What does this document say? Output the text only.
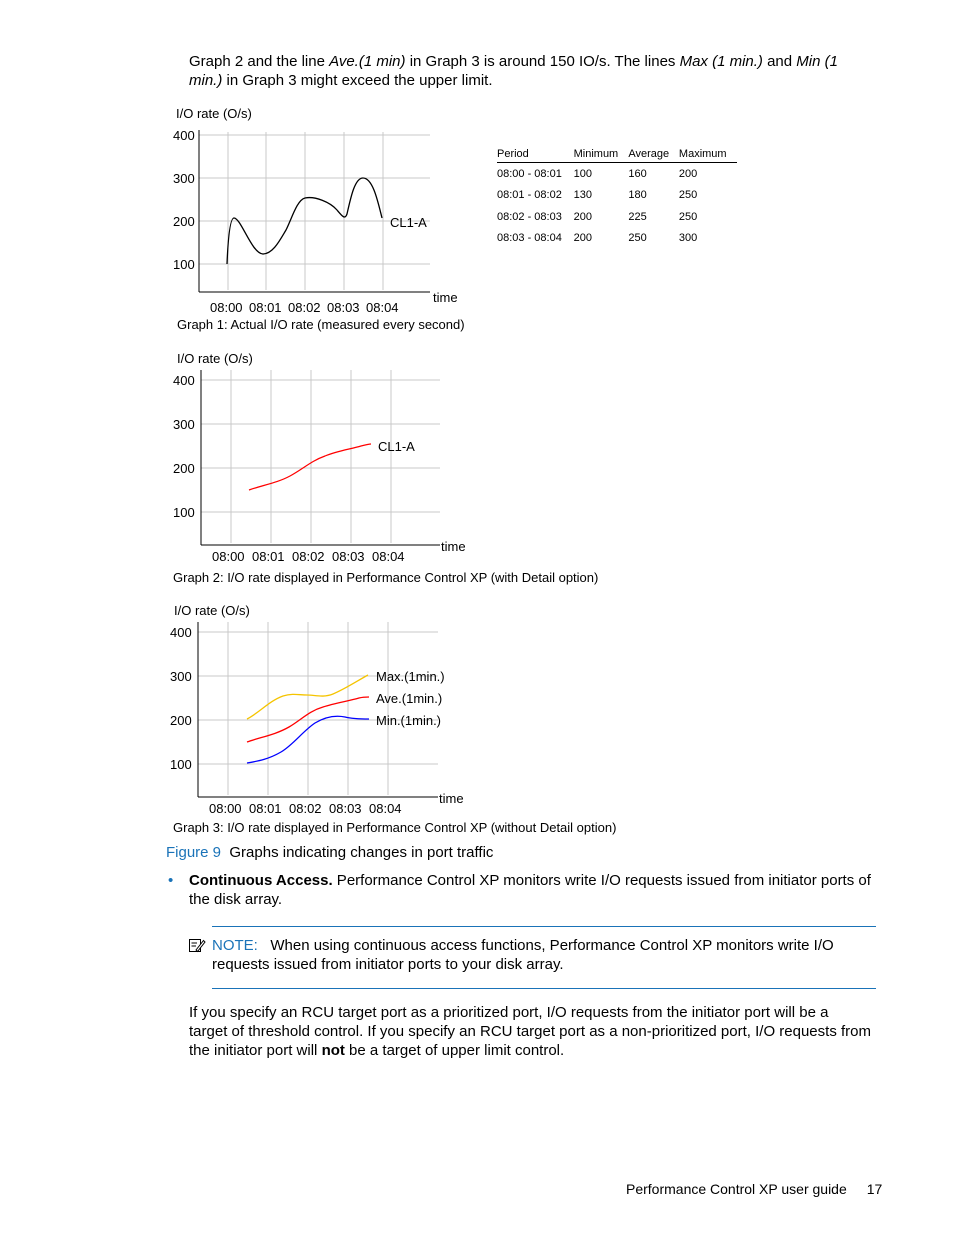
Graph 2 and the line Ave.(1 min) in Graph 3 is around 150 IO/s. The lines Max (1 min.) and Min (1
min.) in Graph 3 might exceed the upper limit.
I/O rate (O/s)
400
300
200
100
CL1-A
time
08:00 08:01 08:02 08:03 08:04
Graph 1: Actual I/O rate (measured every second)
Period	Minimum	Average	Maximum
08:00 - 08:01	100	160	200
08:01 - 08:02	130	180	250
08:02 - 08:03	200	225	250
08:03 - 08:04	200	250	300
I/O rate (O/s)
400
300
200
100
CL1-A
time
08:00 08:01 08:02 08:03 08:04
Graph 2: I/O rate displayed in Performance Control XP (with Detail option)
I/O rate (O/s)
400
300
200
100
Max.(1min.)
Ave.(1min.)
Min.(1min.)
time
08:00 08:01 08:02 08:03 08:04
Graph 3: I/O rate displayed in Performance Control XP (without Detail option)
Figure 9 Graphs indicating changes in port traffic
• Continuous Access. Performance Control XP monitors write I/O requests issued from initiator ports of
the disk array.
NOTE: When using continuous access functions, Performance Control XP monitors write I/O
requests issued from initiator ports to your disk array.
If you specify an RCU target port as a prioritized port, I/O requests from the initiator port will be a
target of threshold control. If you specify an RCU target port as a non-prioritized port, I/O requests from
the initiator port will not be a target of upper limit control.
Performance Control XP user guide 17
